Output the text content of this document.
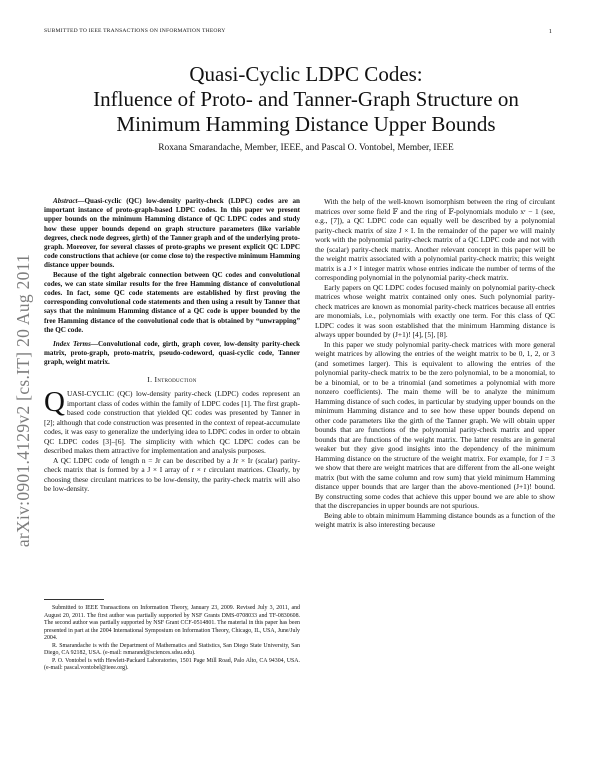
SUBMITTED TO IEEE TRANSACTIONS ON INFORMATION THEORY	1
arXiv:0901.4129v2 [cs.IT] 20 Aug 2011
Quasi-Cyclic LDPC Codes:
Influence of Proto- and Tanner-Graph Structure on
Minimum Hamming Distance Upper Bounds
Roxana Smarandache, Member, IEEE, and Pascal O. Vontobel, Member, IEEE

Abstract—Quasi-cyclic (QC) low-density parity-check (LDPC) codes are an important instance of proto-graph-based LDPC codes. In this paper we present upper bounds on the minimum Hamming distance of QC LDPC codes and study how these upper bounds depend on graph structure parameters (like variable degrees, check node degrees, girth) of the Tanner graph and of the underlying proto-graph. Moreover, for several classes of proto-graphs we present explicit QC LDPC code constructions that achieve (or come close to) the respective minimum Hamming distance upper bounds.

Because of the tight algebraic connection between QC codes and convolutional codes, we can state similar results for the free Hamming distance of convolutional codes. In fact, some QC code statements are established by first proving the corresponding convolutional code statements and then using a result by Tanner that says that the minimum Hamming distance of a QC code is upper bounded by the free Hamming distance of the convolutional code that is obtained by “unwrapping” the QC code.

Index Terms—Convolutional code, girth, graph cover, low-density parity-check matrix, proto-graph, proto-matrix, pseudo-codeword, quasi-cyclic code, Tanner graph, weight matrix.

I. Introduction

QUASI-CYCLIC (QC) low-density parity-check (LDPC) codes represent an important class of codes within the family of LDPC codes [1]. The first graph-based code construction that yielded QC codes was presented by Tanner in [2]; although that code construction was presented in the context of repeat-accumulate codes, it was easy to generalize the underlying idea to LDPC codes in order to obtain QC LDPC codes [3]–[6]. The simplicity with which QC LDPC codes can be described makes them attractive for implementation and analysis purposes.

A QC LDPC code of length n = Jr can be described by a Jr × Ir (scalar) parity-check matrix that is formed by a J × I array of r × r circulant matrices. Clearly, by choosing these circulant matrices to be low-density, the parity-check matrix will also be low-density.

Submitted to IEEE Transactions on Information Theory, January 23, 2009. Revised July 3, 2011, and August 20, 2011. The first author was partially supported by NSF Grants DMS-0708033 and TF-0830608. The second author was partially supported by NSF Grant CCF-0514801. The material in this paper has been presented in part at the 2004 International Symposium on Information Theory, Chicago, IL, USA, June/July 2004.

R. Smarandache is with the Department of Mathematics and Statistics, San Diego State University, San Diego, CA 92182, USA. (e-mail: rsmarand@sciences.sdsu.edu).

P. O. Vontobel is with Hewlett-Packard Laboratories, 1501 Page Mill Road, Palo Alto, CA 94304, USA. (e-mail: pascal.vontobel@ieee.org).

With the help of the well-known isomorphism between the ring of circulant matrices over some field 𝔽 and the ring of 𝔽-polynomials modulo xʳ − 1 (see, e.g., [7]), a QC LDPC code can equally well be described by a polynomial parity-check matrix of size J × I. In the remainder of the paper we will mainly work with the polynomial parity-check matrix of a QC LDPC code and not with the (scalar) parity-check matrix. Another relevant concept in this paper will be the weight matrix associated with a polynomial parity-check matrix; this weight matrix is a J × I integer matrix whose entries indicate the number of terms of the corresponding polynomial in the polynomial parity-check matrix.

Early papers on QC LDPC codes focused mainly on polynomial parity-check matrices whose weight matrix contained only ones. Such polynomial parity-check matrices are known as monomial parity-check matrices because all entries are monomials, i.e., polynomials with exactly one term. For this class of QC LDPC codes it was soon established that the minimum Hamming distance is always upper bounded by (J+1)! [4], [5], [8].

In this paper we study polynomial parity-check matrices with more general weight matrices by allowing the entries of the weight matrix to be 0, 1, 2, or 3 (and sometimes larger). This is equivalent to allowing the entries of the polynomial parity-check matrix to be the zero polynomial, to be a monomial, to be a binomial, or to be a trinomial (and sometimes a polynomial with more nonzero coefficients). The main theme will be to analyze the minimum Hamming distance of such codes, in particular by studying upper bounds on the minimum Hamming distance and to see how these upper bounds depend on other code parameters like the girth of the Tanner graph. We will obtain upper bounds that are functions of the polynomial parity-check matrix and upper bounds that are functions of the weight matrix. The latter results are in general weaker but they give good insights into the dependency of the minimum Hamming distance on the structure of the weight matrix. For example, for J = 3 we show that there are weight matrices that are different from the all-one weight matrix (but with the same column and row sum) that yield minimum Hamming distance upper bounds that are larger than the above-mentioned (J+1)! bound. By constructing some codes that achieve this upper bound we are able to show that the discrepancies in upper bounds are not spurious.

Being able to obtain minimum Hamming distance bounds as a function of the weight matrix is also interesting because
